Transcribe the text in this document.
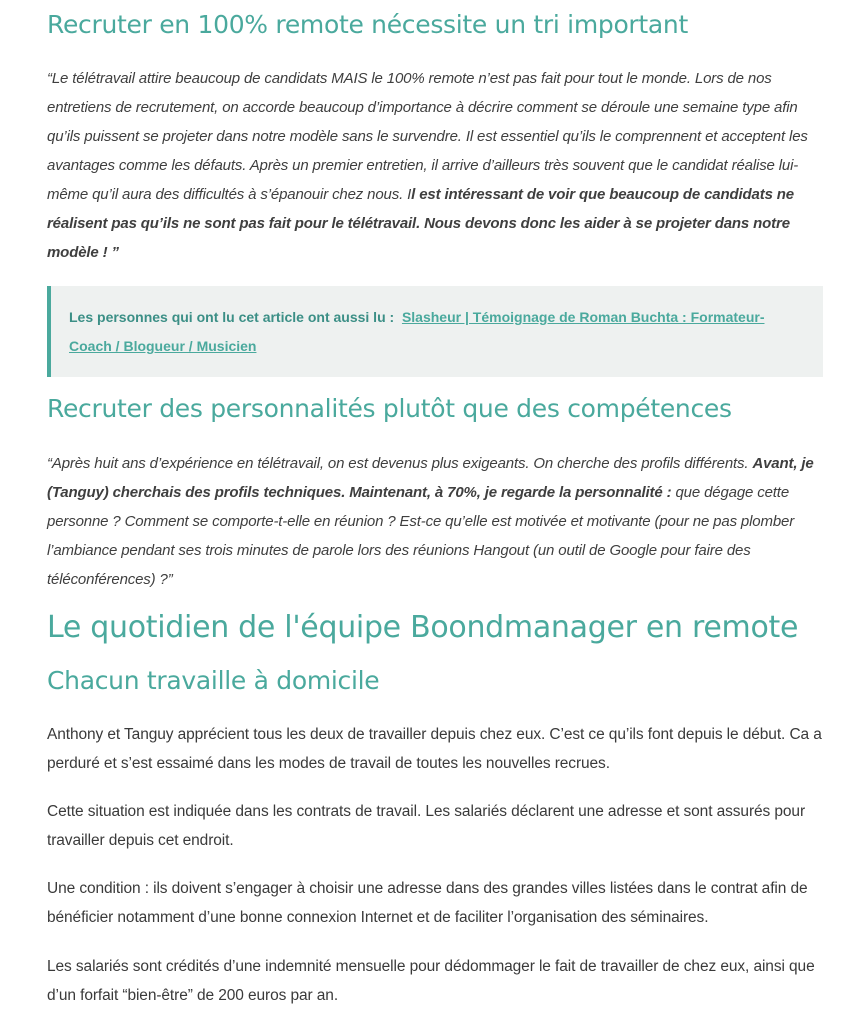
Recruter en 100% remote nécessite un tri important
“Le télétravail attire beaucoup de candidats MAIS le 100% remote n’est pas fait pour tout le monde. Lors de nos entretiens de recrutement, on accorde beaucoup d’importance à décrire comment se déroule une semaine type afin qu’ils puissent se projeter dans notre modèle sans le survendre. Il est essentiel qu’ils le comprennent et acceptent les avantages comme les défauts. Après un premier entretien, il arrive d’ailleurs très souvent que le candidat réalise lui-même qu’il aura des difficultés à s’épanouir chez nous. Il est intéressant de voir que beaucoup de candidats ne réalisent pas qu’ils ne sont pas fait pour le télétravail. Nous devons donc les aider à se projeter dans notre modèle ! ”
Les personnes qui ont lu cet article ont aussi lu : Slasheur | Témoignage de Roman Buchta : Formateur-Coach / Blogueur / Musicien
Recruter des personnalités plutôt que des compétences
“Après huit ans d’expérience en télétravail, on est devenus plus exigeants. On cherche des profils différents. Avant, je (Tanguy) cherchais des profils techniques. Maintenant, à 70%, je regarde la personnalité : que dégage cette personne ? Comment se comporte-t-elle en réunion ? Est-ce qu’elle est motivée et motivante (pour ne pas plomber l’ambiance pendant ses trois minutes de parole lors des réunions Hangout (un outil de Google pour faire des téléconférences) ?”
Le quotidien de l'équipe Boondmanager en remote
Chacun travaille à domicile

Anthony et Tanguy apprécient tous les deux de travailler depuis chez eux. C’est ce qu’ils font depuis le début. Ca a perduré et s’est essaimé dans les modes de travail de toutes les nouvelles recrues.

Cette situation est indiquée dans les contrats de travail. Les salariés déclarent une adresse et sont assurés pour travailler depuis cet endroit.

Une condition : ils doivent s’engager à choisir une adresse dans des grandes villes listées dans le contrat afin de bénéficier notamment d’une bonne connexion Internet et de faciliter l’organisation des séminaires.

Les salariés sont crédités d’une indemnité mensuelle pour dédommager le fait de travailler de chez eux, ainsi que d’un forfait “bien-être” de 200 euros par an.
